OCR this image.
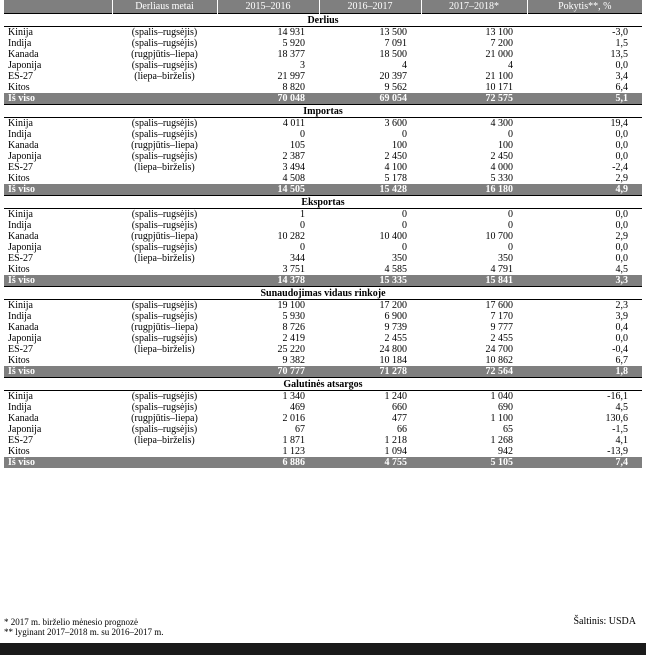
	Derliaus metai	2015–2016	2016–2017	2017–2018*	Pokytis**, %
Derlius					
Kinija	(spalis–rugsėjis)	14 931	13 500	13 100	-3,0
Indija	(spalis–rugsėjis)	5 920	7 091	7 200	1,5
Kanada	(rugpjūtis–liepa)	18 377	18 500	21 000	13,5
Japonija	(spalis–rugsėjis)	3	4	4	0,0
ES-27	(liepa–birželis)	21 997	20 397	21 100	3,4
Kitos		8 820	9 562	10 171	6,4
Iš viso		70 048	69 054	72 575	5,1
Importas					
Kinija	(spalis–rugsėjis)	4 011	3 600	4 300	19,4
Indija	(spalis–rugsėjis)	0	0	0	0,0
Kanada	(rugpjūtis–liepa)	105	100	100	0,0
Japonija	(spalis–rugsėjis)	2 387	2 450	2 450	0,0
ES-27	(liepa–birželis)	3 494	4 100	4 000	-2,4
Kitos		4 508	5 178	5 330	2,9
Iš viso		14 505	15 428	16 180	4,9
Eksportas					
Kinija	(spalis–rugsėjis)	1	0	0	0,0
Indija	(spalis–rugsėjis)	0	0	0	0,0
Kanada	(rugpjūtis–liepa)	10 282	10 400	10 700	2,9
Japonija	(spalis–rugsėjis)	0	0	0	0,0
ES-27	(liepa–birželis)	344	350	350	0,0
Kitos		3 751	4 585	4 791	4,5
Iš viso		14 378	15 335	15 841	3,3
Sunaudojimas vidaus rinkoje					
Kinija	(spalis–rugsėjis)	19 100	17 200	17 600	2,3
Indija	(spalis–rugsėjis)	5 930	6 900	7 170	3,9
Kanada	(rugpjūtis–liepa)	8 726	9 739	9 777	0,4
Japonija	(spalis–rugsėjis)	2 419	2 455	2 455	0,0
ES-27	(liepa–birželis)	25 220	24 800	24 700	-0,4
Kitos		9 382	10 184	10 862	6,7
Iš viso		70 777	71 278	72 564	1,8
Galutinės atsargos					
Kinija	(spalis–rugsėjis)	1 340	1 240	1 040	-16,1
Indija	(spalis–rugsėjis)	469	660	690	4,5
Kanada	(rugpjūtis–liepa)	2 016	477	1 100	130,6
Japonija	(spalis–rugsėjis)	67	66	65	-1,5
ES-27	(liepa–birželis)	1 871	1 218	1 268	4,1
Kitos		1 123	1 094	942	-13,9
Iš viso		6 886	4 755	5 105	7,4
* 2017 m. birželio mėnesio prognozė
** lyginant 2017–2018 m. su 2016–2017 m.
Šaltinis: USDA
